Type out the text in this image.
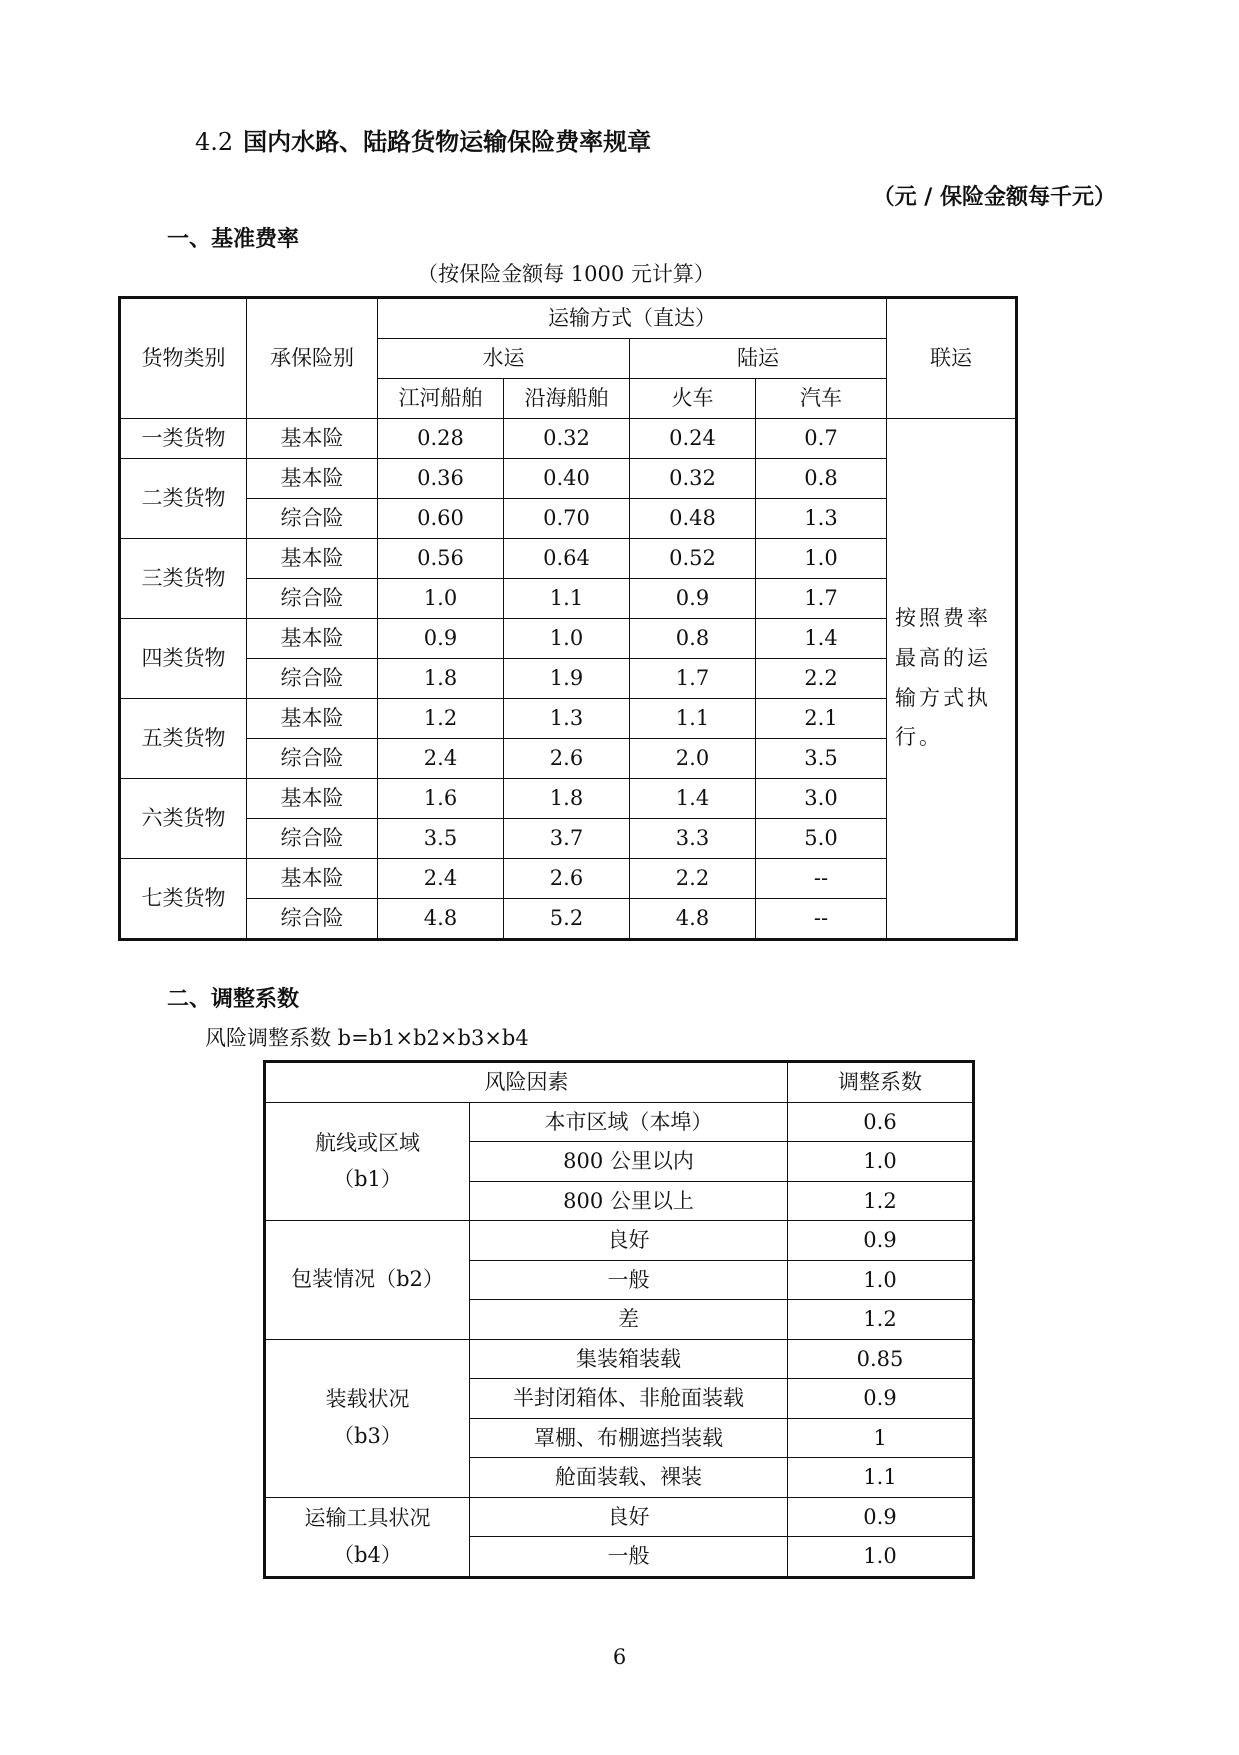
4.2 国内水路、陆路货物运输保险费率规章
（元 / 保险金额每千元）
一、基准费率
（按保险金额每 1000 元计算）
货物类别	承保险别	运输方式（直达）				联运
		水运		陆运		
		江河船舶	沿海船舶	火车	汽车	
一类货物	基本险	0.28	0.32	0.24	0.7	按照费率最高的运输方式执行。
二类货物	基本险	0.36	0.40	0.32	0.8	
	综合险	0.60	0.70	0.48	1.3	
三类货物	基本险	0.56	0.64	0.52	1.0	
	综合险	1.0	1.1	0.9	1.7	
四类货物	基本险	0.9	1.0	0.8	1.4	
	综合险	1.8	1.9	1.7	2.2	
五类货物	基本险	1.2	1.3	1.1	2.1	
	综合险	2.4	2.6	2.0	3.5	
六类货物	基本险	1.6	1.8	1.4	3.0	
	综合险	3.5	3.7	3.3	5.0	
七类货物	基本险	2.4	2.6	2.2	--	
	综合险	4.8	5.2	4.8	--	
二、调整系数
风险调整系数 b=b1×b2×b3×b4
风险因素		调整系数

航线或区域
（b1）	本市区域（本埠）	0.6
	800 公里以内	1.0
	800 公里以上	1.2

包装情况（b2）	良好	0.9
	一般	1.0
	差	1.2

装载状况
（b3）	集装箱装载	0.85
	半封闭箱体、非舱面装载	0.9
	罩棚、布棚遮挡装载	1
	舱面装载、裸装	1.1

运输工具状况
（b4）	良好	0.9
	一般	1.0
6
